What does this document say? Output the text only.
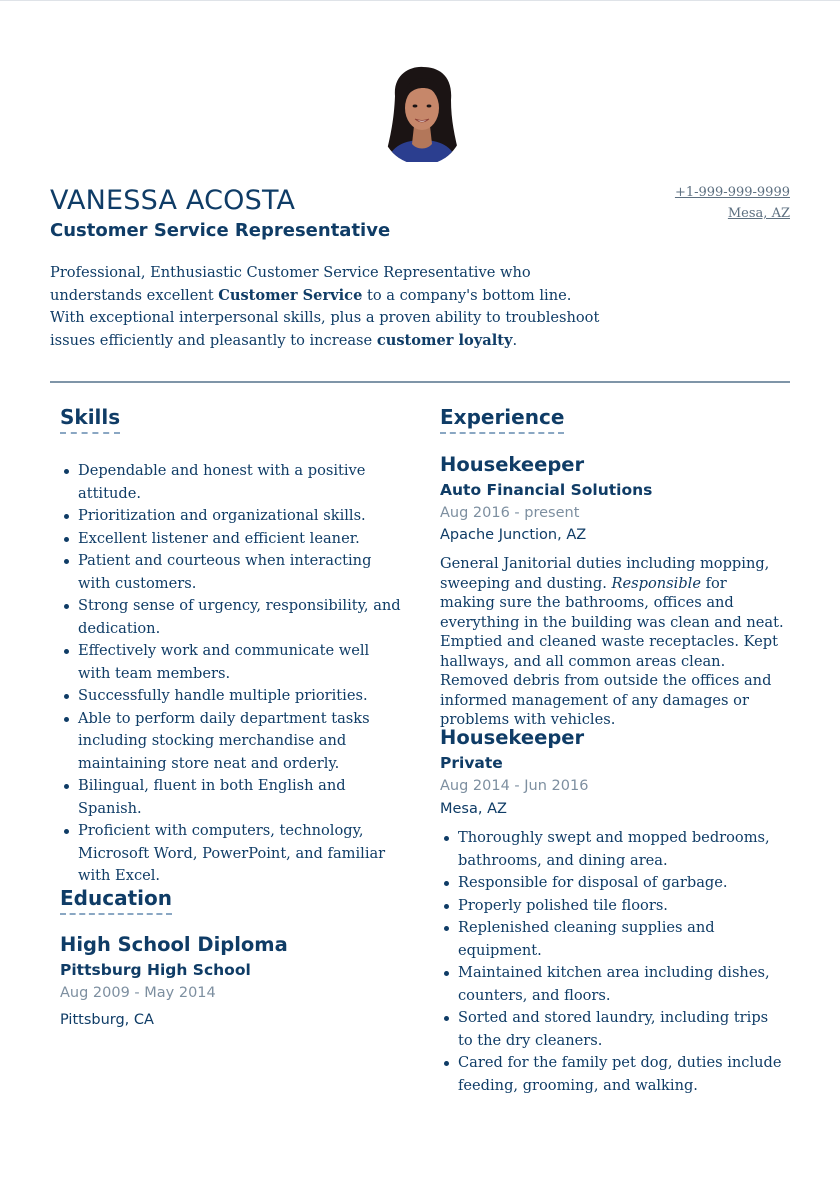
VANESSA ACOSTA
Customer Service Representative
+1-999-999-9999
Mesa, AZ

Professional, Enthusiastic Customer Service Representative who understands excellent Customer Service to a company's bottom line. With exceptional interpersonal skills, plus a proven ability to troubleshoot issues efficiently and pleasantly to increase customer loyalty.

Skills
Dependable and honest with a positive attitude.
Prioritization and organizational skills.
Excellent listener and efficient leaner.
Patient and courteous when interacting with customers.
Strong sense of urgency, responsibility, and dedication.
Effectively work and communicate well with team members.
Successfully handle multiple priorities.
Able to perform daily department tasks including stocking merchandise and maintaining store neat and orderly.
Bilingual, fluent in both English and Spanish.
Proficient with computers, technology, Microsoft Word, PowerPoint, and familiar with Excel.
Education
High School Diploma
Pittsburg High School
Aug 2009 - May 2014
Pittsburg, CA
Experience
Housekeeper
Auto Financial Solutions
Aug 2016 - present
Apache Junction, AZ

General Janitorial duties including mopping, sweeping and dusting. Responsible for making sure the bathrooms, offices and everything in the building was clean and neat. Emptied and cleaned waste receptacles. Kept hallways, and all common areas clean. Removed debris from outside the offices and informed management of any damages or problems with vehicles.

Housekeeper
Private
Aug 2014 - Jun 2016
Mesa, AZ
Thoroughly swept and mopped bedrooms, bathrooms, and dining area.
Responsible for disposal of garbage.
Properly polished tile floors.
Replenished cleaning supplies and equipment.
Maintained kitchen area including dishes, counters, and floors.
Sorted and stored laundry, including trips to the dry cleaners.
Cared for the family pet dog, duties include feeding, grooming, and walking.
